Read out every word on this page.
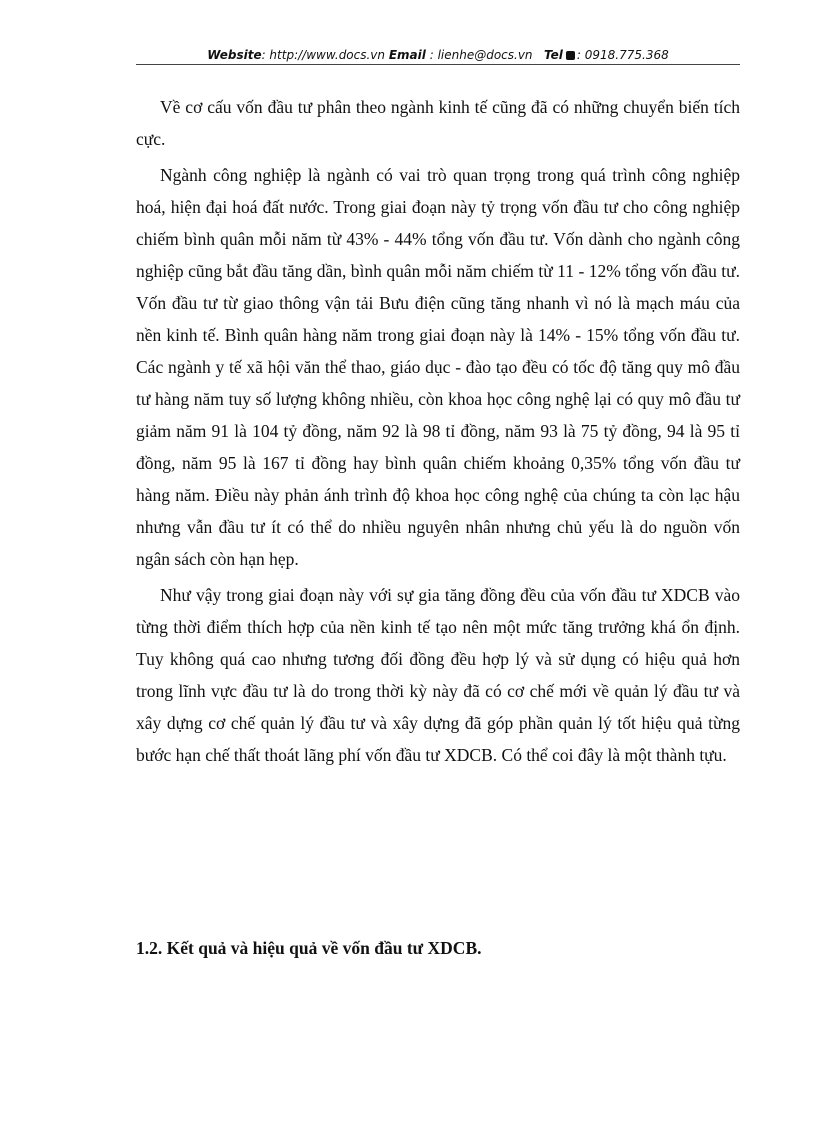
Website: http://www.docs.vn Email : lienhe@docs.vn Tel : 0918.775.368

Về cơ cấu vốn đầu tư phân theo ngành kinh tế cũng đã có những chuyển biến tích cực.

Ngành công nghiệp là ngành có vai trò quan trọng trong quá trình công nghiệp hoá, hiện đại hoá đất nước. Trong giai đoạn này tỷ trọng vốn đầu tư cho công nghiệp chiếm bình quân mỗi năm từ 43% - 44% tổng vốn đầu tư. Vốn dành cho ngành công nghiệp cũng bắt đầu tăng dần, bình quân mỗi năm chiếm từ 11 - 12% tổng vốn đầu tư. Vốn đầu tư từ giao thông vận tải Bưu điện cũng tăng nhanh vì nó là mạch máu của nền kinh tế. Bình quân hàng năm trong giai đoạn này là 14% - 15% tổng vốn đầu tư. Các ngành y tế xã hội văn thể thao, giáo dục - đào tạo đều có tốc độ tăng quy mô đầu tư hàng năm tuy số lượng không nhiều, còn khoa học công nghệ lại có quy mô đầu tư giảm năm 91 là 104 tỷ đồng, năm 92 là 98 tỉ đồng, năm 93 là 75 tỷ đồng, 94 là 95 tỉ đồng, năm 95 là 167 tỉ đồng hay bình quân chiếm khoảng 0,35% tổng vốn đầu tư hàng năm. Điều này phản ánh trình độ khoa học công nghệ của chúng ta còn lạc hậu nhưng vẫn đầu tư ít có thể do nhiều nguyên nhân nhưng chủ yếu là do nguồn vốn ngân sách còn hạn hẹp.

Như vậy trong giai đoạn này với sự gia tăng đồng đều của vốn đầu tư XDCB vào từng thời điểm thích hợp của nền kinh tế tạo nên một mức tăng trưởng khá ổn định. Tuy không quá cao nhưng tương đối đồng đều hợp lý và sử dụng có hiệu quả hơn trong lĩnh vực đầu tư là do trong thời kỳ này đã có cơ chế mới về quản lý đầu tư và xây dựng cơ chế quản lý đầu tư và xây dựng đã góp phần quản lý tốt hiệu quả từng bước hạn chế thất thoát lãng phí vốn đầu tư XDCB. Có thể coi đây là một thành tựu.

1.2. Kết quả và hiệu quả về vốn đầu tư XDCB.
